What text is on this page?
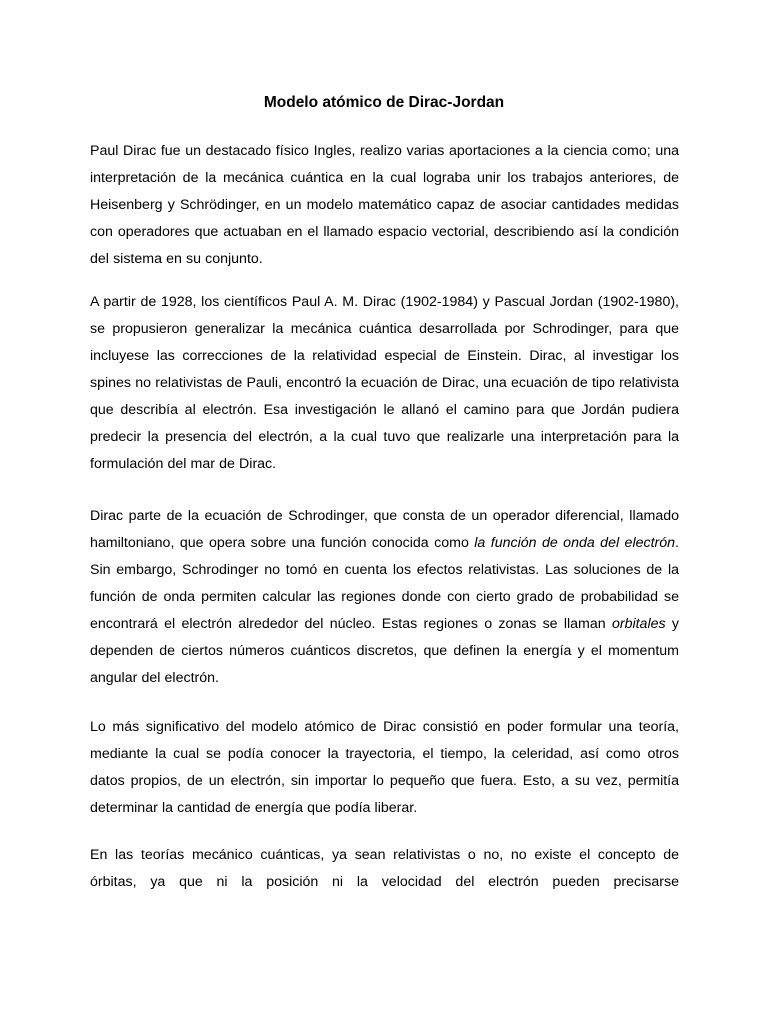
Modelo atómico de Dirac-Jordan

Paul Dirac fue un destacado físico Ingles, realizo varias aportaciones a la ciencia como; una interpretación de la mecánica cuántica en la cual lograba unir los trabajos anteriores, de Heisenberg y Schrödinger, en un modelo matemático capaz de asociar cantidades medidas con operadores que actuaban en el llamado espacio vectorial, describiendo así la condición del sistema en su conjunto.

A partir de 1928, los científicos Paul A. M. Dirac (1902-1984) y Pascual Jordan (1902-1980), se propusieron generalizar la mecánica cuántica desarrollada por Schrodinger, para que incluyese las correcciones de la relatividad especial de Einstein. Dirac, al investigar los spines no relativistas de Pauli, encontró la ecuación de Dirac, una ecuación de tipo relativista que describía al electrón. Esa investigación le allanó el camino para que Jordán pudiera predecir la presencia del electrón, a la cual tuvo que realizarle una interpretación para la formulación del mar de Dirac.

Dirac parte de la ecuación de Schrodinger, que consta de un operador diferencial, llamado hamiltoniano, que opera sobre una función conocida como la función de onda del electrón. Sin embargo, Schrodinger no tomó en cuenta los efectos relativistas. Las soluciones de la función de onda permiten calcular las regiones donde con cierto grado de probabilidad se encontrará el electrón alrededor del núcleo. Estas regiones o zonas se llaman orbitales y dependen de ciertos números cuánticos discretos, que definen la energía y el momentum angular del electrón.

Lo más significativo del modelo atómico de Dirac consistió en poder formular una teoría, mediante la cual se podía conocer la trayectoria, el tiempo, la celeridad, así como otros datos propios, de un electrón, sin importar lo pequeño que fuera. Esto, a su vez, permitía determinar la cantidad de energía que podía liberar.

En las teorías mecánico cuánticas, ya sean relativistas o no, no existe el concepto de órbitas, ya que ni la posición ni la velocidad del electrón pueden precisarse
